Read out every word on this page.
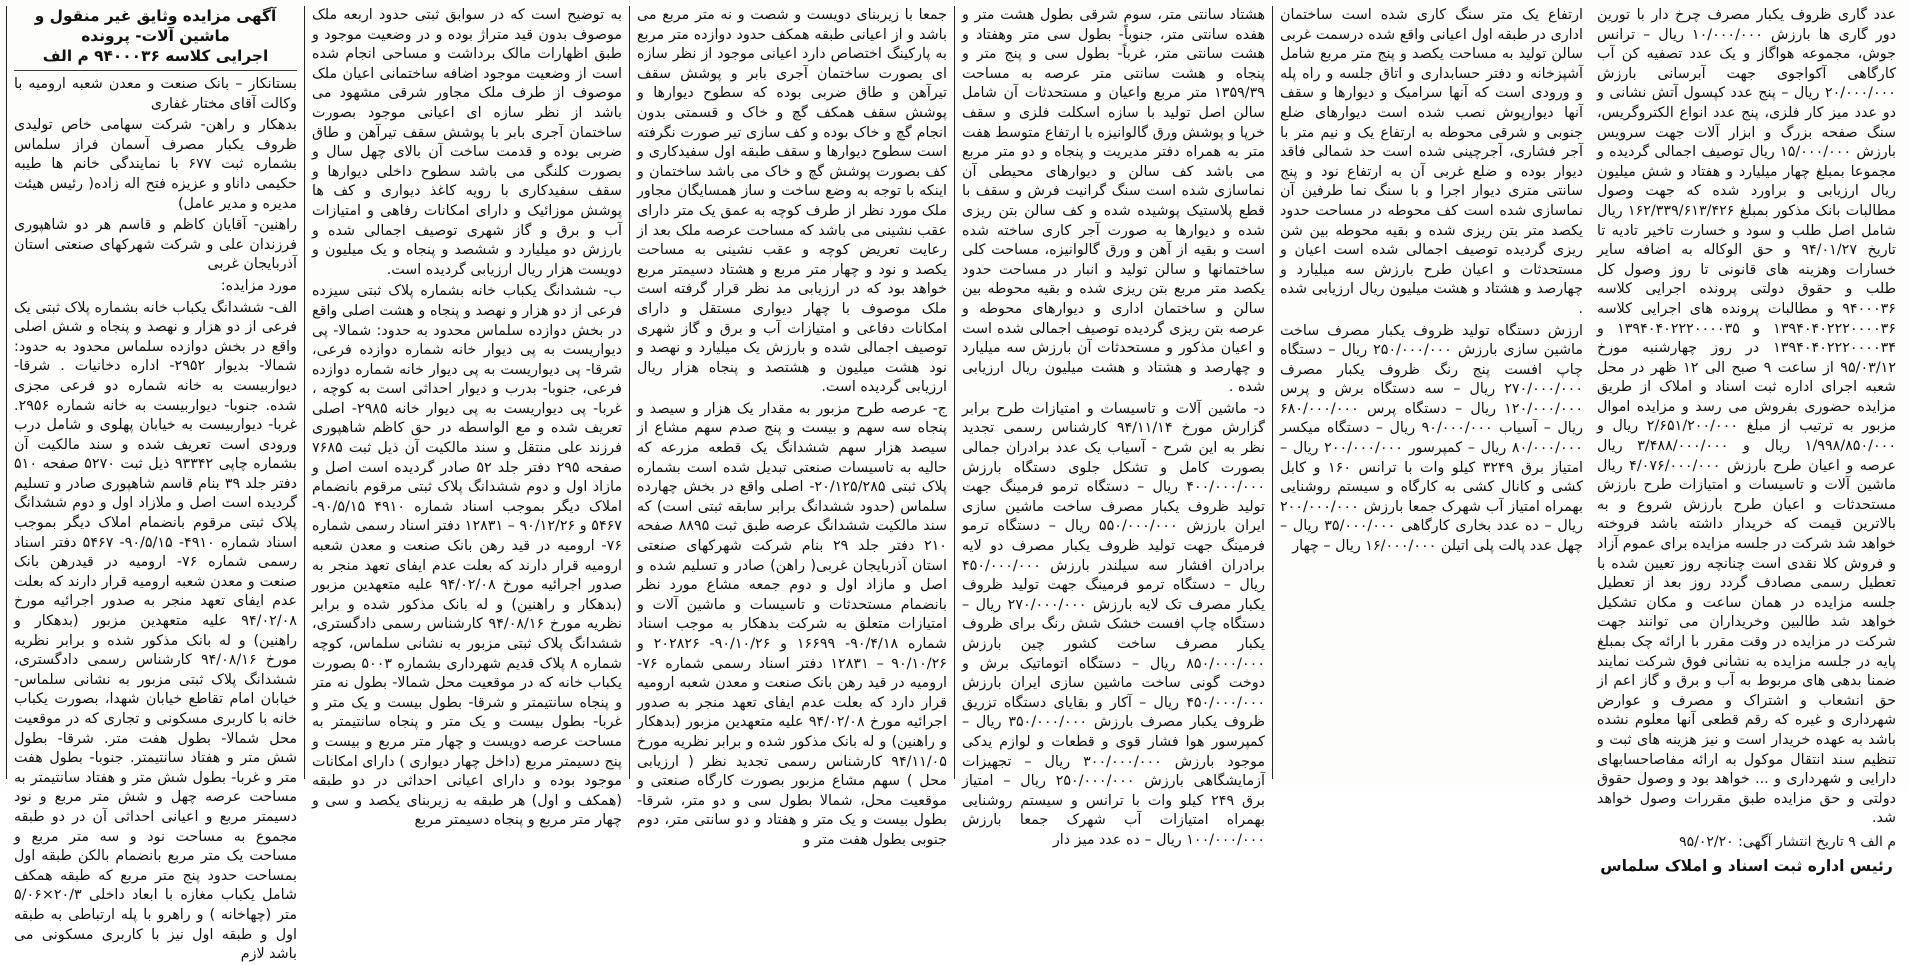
آگهی مزایده وثایق غیر منقول و ماشین آلات- پرونده
اجرایی کلاسه ۹۴۰۰۰۳۶ م الف

بستانکار – بانک صنعت و معدن شعبه ارومیه با وکالت آقای مختار غفاری

بدهکار و راهن- شرکت سهامی خاص تولیدی ظروف یکبار مصرف آسمان فراز سلماس بشماره ثبت ۶۷۷ با نمایندگی خانم ها طیبه حکیمی داناو و عزیزه فتح اله زاده( رئیس هیئت مدیره و مدیر عامل)

راهنین- آقایان کاظم و قاسم هر دو شاهپوری فرزندان علی و شرکت شهرکهای صنعتی استان آذربایجان غربی

مورد مزایده:

الف- ششدانگ یکباب خانه بشماره پلاک ثبتی یک فرعی از دو هزار و نهصد و پنجاه و شش اصلی واقع در بخش دوازده سلماس محدود به حدود: شمالا- بدیوار ۲۹۵۲- اداره دخانیات . شرقا- دیواربیست به خانه شماره دو فرعی مجزی شده. جنوبا- دیواربیست به خانه شماره ۲۹۵۶. غربا- دیواربیست به خیابان پهلوی و شامل درب ورودی است تعریف شده و سند مالکیت آن بشماره چاپی ۹۳۳۴۲ ذیل ثبت ۵۲۷۰ صفحه ۵۱۰ دفتر جلد ۳۹ بنام قاسم شاهپوری صادر و تسلیم گردیده است اصل و ملازاد اول و دوم ششدانگ پلاک ثبتی مرقوم بانضمام املاک دیگر بموجب اسناد شماره ۴۹۱۰- ۹۰/۵/۱۵- ۵۴۶۷ دفتر اسناد رسمی شماره ۷۶- ارومیه در قیدرهن بانک صنعت و معدن شعبه ارومیه قرار دارند که بعلت عدم ایفای تعهد منجر به صدور اجرائیه مورخ ۹۴/۰۲/۰۸ علیه متعهدین مزبور (بدهکار و راهنین) و له بانک مذکور شده و برابر نظریه مورخ ۹۴/۰۸/۱۶ کارشناس رسمی دادگستری، ششدانگ پلاک ثبتی مزبور به نشانی سلماس- خیابان امام تقاطع خیابان شهدا، بصورت یکباب خانه با کاربری مسکونی و تجاری که در موقعیت محل شمالا- بطول هفت متر. شرقا- بطول شش متر و هفتاد سانتیمتر. جنوبا- بطول هفت متر و غربا- بطول شش متر و هفتاد سانتیمتر به مساحت عرصه چهل و شش متر مربع و نود دسیمتر مربع و اعیانی احداثی آن در دو طبقه مجموع به مساحت نود و سه متر مربع و مساحت یک متر مربع بانضمام بالکن طبقه اول بمساحت حدود پنج متر مربع که طبقه همکف شامل یکباب مغازه با ابعاد داخلی ۲۰/۳×۵/۰۶ متر (چهاخانه ) و راهرو با پله ارتباطی به طبقه اول و طبقه اول نیز با کاربری مسکونی می باشد لازم

به توضیح است که در سوابق ثبتی حدود اربعه ملک موصوف بدون قید متراژ بوده و در وضعیت موجود و طبق اظهارات مالک برداشت و مساحی انجام شده است از وضعیت موجود اضافه ساختمانی اعیان ملک موصوف از طرف ملک مجاور شرقی مشهود می باشد از نظر سازه ای اعیانی موجود بصورت ساختمان آجری بابر با پوشش سقف تیرآهن و طاق ضربی بوده و قدمت ساخت آن بالای چهل سال و بصورت کلنگی می باشد سطوح داخلی دیوارها و سقف سفیدکاری با رویه کاغذ دیواری و کف ها پوشش موزائیک و دارای امکانات رفاهی و امتیازات آب و برق و گاز شهری توصیف اجمالی شده و بارزش دو میلیارد و ششصد و پنجاه و یک میلیون و دویست هزار ریال ارزیابی گردیده است.

ب- ششدانگ یکباب خانه بشماره پلاک ثبتی سیزده فرعی از دو هزار و نهصد و پنجاه و هشت اصلی واقع در بخش دوازده سلماس محدود به حدود: شمالا- پی دیواریست به پی دیوار خانه شماره دوازده فرعی، شرقا- پی دیواریست به پی دیوار خانه شماره دوازده فرعی، جنوبا- بدرب و دیوار احداثی است به کوچه ، غربا- پی دیواریست به پی دیوار خانه ۲۹۸۵- اصلی تعریف شده و مع الواسطه در حق کاظم شاهپوری فرزند علی منتقل و سند مالکیت آن ذیل ثبت ۷۶۸۵ صفحه ۲۹۵ دفتر جلد ۵۲ صادر گردیده است اصل و مازاد اول و دوم ششدانگ پلاک ثبتی مرقوم بانضمام املاک دیگر بموجب اسناد شماره ۴۹۱۰ ۹۰/۵/۱۵- ۵۴۶۷ و ۹۰/۱۲/۲۶ – ۱۲۸۳۱ دفتر اسناد رسمی شماره ۷۶- ارومیه در قید رهن بانک صنعت و معدن شعبه ارومیه قرار دارند که بعلت عدم ایفای تعهد منجر به صدور اجرائیه مورخ ۹۴/۰۲/۰۸ علیه متعهدین مزبور (بدهکار و راهنین) و له بانک مذکور شده و برابر نظریه مورخ ۹۴/۰۸/۱۶ کارشناس رسمی دادگستری، ششدانگ پلاک ثبتی مزبور به نشانی سلماس، کوچه شماره ۸ پلاک قدیم شهرداری بشماره ۵۰۰۳ بصورت یکباب خانه که در موقعیت محل شمالا- بطول نه متر و پنجاه سانتیمتر و شرقا- بطول بیست و یک متر و غربا- بطول بیست و یک متر و پنجاه سانتیمتر به مساحت عرصه دویست و چهار متر مربع و بیست و پنج دسیمتر مربع (داخل چهار دیواری ) دارای امکانات موجود بوده و دارای اعیانی احداثی در دو طبقه (همکف و اول) هر طبقه به زیربنای یکصد و سی و چهار متر مربع و پنجاه دسیمتر مربع

جمعا با زیربنای دویست و شصت و نه متر مربع می باشد و از اعیانی طبقه همکف حدود دوازده متر مربع به پارکینگ اختصاص دارد اعیانی موجود از نظر سازه ای بصورت ساختمان آجری بابر و پوشش سقف تیرآهن و طاق ضربی بوده که سطوح دیوارها و پوشش سقف همکف گچ و خاک و قسمتی بدون انجام گچ و خاک بوده و کف سازی تیر صورت نگرفته است سطوح دیوارها و سقف طبقه اول سفیدکاری و کف بصورت پوشش گچ و خاک می باشد ساختمان و اینکه با توجه به وضع ساخت و ساز همسایگان مجاور ملک مورد نظر از طرف کوچه به عمق یک متر دارای عقب نشینی می باشد که مساحت عرصه ملک بعد از رعایت تعریض کوچه و عقب نشینی به مساحت یکصد و نود و چهار متر مربع و هشتاد دسیمتر مربع خواهد بود که در ارزیابی مد نظر قرار گرفته است ملک موصوف با چهار دیواری مستقل و دارای امکانات دفاعی و امتیازات آب و برق و گاز شهری توصیف اجمالی شده و بارزش یک میلیارد و نهصد و نود هشت میلیون و هشتصد و پنجاه هزار ریال ارزیابی گردیده است.

ج- عرصه طرح مزبور به مقدار یک هزار و سیصد و پنجاه سه سهم و بیست و پنج صدم سهم مشاع از سیصد هزار سهم ششدانگ یک قطعه مزرعه که حالیه به تاسیسات صنعتی تبدیل شده است بشماره پلاک ثبتی ۲۰/۱۲۵/۲۸۵- اصلی واقع در بخش چهارده سلماس (حدود ششدانگ برابر سابقه ثبتی است) که سند مالکیت ششدانگ عرصه طبق ثبت ۸۸۹۵ صفحه ۲۱۰ دفتر جلد ۲۹ بنام شرکت شهرکهای صنعتی استان آذربایجان غربی( راهن) صادر و تسلیم شده و اصل و مازاد اول و دوم جمعه مشاع مورد نظر بانضمام مستحدثات و تاسیسات و ماشین آلات و امتیازات متعلق به شرکت بدهکار به موجب اسناد شماره ۹۰/۴/۱۸- ۱۶۶۹۹ و ۹۰/۱۰/۲۶- ۲۰۲۸۲۶ و ۹۰/۱۰/۲۶ – ۱۲۸۳۱ دفتر اسناد رسمی شماره ۷۶- ارومیه در قید رهن بانک صنعت و معدن شعبه ارومیه قرار دارد که بعلت عدم ایفای تعهد منجر به صدور اجرائیه مورخ ۹۴/۰۲/۰۸ علیه متعهدین مزبور (بدهکار و راهنین) و له بانک مذکور شده و برابر نظریه مورخ ۹۴/۱۱/۰۵ کارشناس رسمی تجدید نظر ( ارزیابی محل ) سهم مشاع مزبور بصورت کارگاه صنعتی و موقعیت محل، شمالا بطول سی و دو متر، شرقا- بطول بیست و یک متر و هفتاد و دو سانتی متر، دوم جنوبی بطول هفت متر و

هشتاد سانتی متر، سوم شرقی بطول هشت متر و هفده سانتی متر، جنوباً- بطول سی متر وهفتاد و هشت سانتی متر، غرباً- بطول سی و پنج متر و پنجاه و هشت سانتی متر عرصه به مساحت ۱۳۵۹/۳۹ متر مربع واعیان و مستحدثات آن شامل سالن اصل تولید با سازه اسکلت فلزی و سقف خرپا و پوشش ورق گالوانیزه با ارتفاع متوسط هفت متر به همراه دفتر مدیریت و پنجاه و دو متر مربع می باشد کف سالن و دیوارهای محیطی آن نماسازی شده است سنگ گرانیت فرش و سقف با قطع پلاستیک پوشیده شده و کف سالن بتن ریزی شده و دیوارها به صورت آجر کاری ساخته شده است و بقیه از آهن و ورق گالوانیزه، مساحت کلی ساختمانها و سالن تولید و انبار در مساحت حدود یکصد متر مربع بتن ریزی شده و بقیه محوطه بین سالن و ساختمان اداری و دیوارهای محوطه و عرصه بتن ریزی گردیده توصیف اجمالی شده است و اعیان مذکور و مستحدثات آن بارزش سه میلیارد و چهارصد و هشتاد و هشت میلیون ریال ارزیابی شده .

د- ماشین آلات و تاسیسات و امتیازات طرح برابر گزارش مورخ ۹۴/۱۱/۱۴ کارشناس رسمی تجدید نظر به این شرح - آسیاب یک عدد برادران جمالی بصورت کامل و تشکل جلوی دستگاه بارزش ۴۰۰/۰۰۰/۰۰۰ ریال – دستگاه ترمو فرمینگ جهت تولید ظروف یکبار مصرف ساخت ماشین سازی ایران بارزش ۵۵۰/۰۰۰/۰۰۰ ریال – دستگاه ترمو فرمینگ جهت تولید ظروف یکبار مصرف دو لایه برادران افشار سه سیلندر بارزش ۴۵۰/۰۰۰/۰۰۰ ریال – دستگاه ترمو فرمینگ جهت تولید ظروف یکبار مصرف تک لایه بارزش ۲۷۰/۰۰۰/۰۰۰ ریال – دستگاه چاپ افست خشک شش رنگ برای ظروف یکبار مصرف ساخت کشور چین بارزش ۸۵۰/۰۰۰/۰۰۰ ریال – دستگاه اتوماتیک برش و دوخت گونی ساخت ماشین سازی ایران بارزش ۴۵۰/۰۰۰/۰۰۰ ریال – آکار و بقایای دستگاه تزریق ظروف یکبار مصرف بارزش ۳۵۰/۰۰۰/۰۰۰ ریال – کمپرسور هوا فشار قوی و قطعات و لوازم یدکی موجود بارزش ۳۰۰/۰۰۰/۰۰۰ ریال – تجهیزات آزمایشگاهی بارزش ۲۵۰/۰۰۰/۰۰۰ ریال – امتیاز برق ۲۴۹ کیلو وات با ترانس و سیستم روشنایی بهمراه امتیازات آب شهرک جمعا بارزش ۱۰۰/۰۰۰/۰۰۰ ریال – ده عدد میز دار

ارتفاع یک متر سنگ کاری شده است ساختمان اداری در طبقه اول اعیانی واقع شده درسمت غربی سالن تولید به مساحت یکصد و پنج متر مربع شامل آشپزخانه و دفتر حسابداری و اتاق جلسه و راه پله و ورودی است که آنها سرامیک و دیوارها و سقف آنها دیوارپوش نصب شده است دیوارهای ضلع جنوبی و شرقی محوطه به ارتفاع یک و نیم متر با آجر فشاری، آجرچینی شده است حد شمالی فاقد دیوار بوده و ضلع غربی آن به ارتفاع نود و پنج سانتی متری دیوار اجرا و با سنگ نما طرفین آن نماسازی شده است کف محوطه در مساحت حدود یکصد متر بتن ریزی شده و بقیه محوطه بین شن ریزی گردیده توصیف اجمالی شده است اعیان و مستحدثات و اعیان طرح بارزش سه میلیارد و چهارصد و هشتاد و هشت میلیون ریال ارزیابی شده .

ارزش دستگاه تولید ظروف یکبار مصرف ساخت ماشین سازی بارزش ۲۵۰/۰۰۰/۰۰۰ ریال – دستگاه چاپ افست پنج رنگ ظروف یکبار مصرف ۲۷۰/۰۰۰/۰۰۰ ریال – سه دستگاه برش و پرس ۱۲۰/۰۰۰/۰۰۰ ریال – دستگاه پرس ۶۸۰/۰۰۰/۰۰۰ ریال – آسیاب ۹۰/۰۰۰/۰۰۰ ریال – دستگاه میکسر ۸۰/۰۰۰/۰۰۰ ریال – کمپرسور ۲۰۰/۰۰۰/۰۰۰ ریال – امتیاز برق ۳۲۴۹ کیلو وات با ترانس ۱۶۰ و کابل کشی و کانال کشی به کارگاه و سیستم روشنایی بهمراه امتیاز آب شهرک جمعا بارزش ۲۰۰/۰۰۰/۰۰۰ ریال – ده عدد بخاری کارگاهی ۳۵/۰۰۰/۰۰۰ ریال – چهل عدد پالت پلی اتیلن ۱۶/۰۰۰/۰۰۰ ریال – چهار

عدد گاری ظروف یکبار مصرف چرخ دار با تورین دور گاری ها بارزش ۱۰/۰۰۰/۰۰۰ ریال – ترانس جوش، مجموعه هواگاز و یک عدد تصفیه کن آب کارگاهی آکواجوی جهت آبرسانی بارزش ۲۰/۰۰۰/۰۰۰ ریال – پنج عدد کپسول آتش نشانی و دو عدد میز کار فلزی، پنج عدد انواع الکتروگریس، سنگ صفحه بزرگ و ابزار آلات جهت سرویس بارزش ۱۵/۰۰۰/۰۰۰ ریال توصیف اجمالی گردیده و مجموعا بمبلغ چهار میلیارد و هفتاد و شش میلیون ریال ارزیابی و براورد شده که جهت وصول مطالبات بانک مذکور بمبلغ ۱۶۲/۳۳۹/۶۱۳/۴۲۶ ریال شامل اصل طلب و سود و خسارت تاخیر تادیه تا تاریخ ۹۴/۰۱/۲۷ و حق الوکاله به اضافه سایر خسارات وهزینه های قانونی تا روز وصول کل طلب و حقوق دولتی پرونده اجرایی کلاسه ۹۴۰۰۰۳۶ و مطالبات پرونده های اجرایی کلاسه ۱۳۹۴۰۴۰۲۲۲۰۰۰۰۳۶ و ۱۳۹۴۰۴۰۲۲۲۰۰۰۰۳۵ و ۱۳۹۴۰۴۰۲۲۲۰۰۰۰۳۴ در روز چهارشنبه مورخ ۹۵/۰۳/۱۲ از ساعت ۹ صبح الی ۱۲ ظهر در محل شعبه اجرای اداره ثبت اسناد و املاک از طریق مزایده حضوری بفروش می رسد و مزایده اموال مزبور به ترتیب از مبلغ ۲/۶۵۱/۲۰۰/۰۰۰ ریال و ۱/۹۹۸/۸۵۰/۰۰۰ ریال و ۳/۴۸۸/۰۰۰/۰۰۰ ریال عرصه و اعیان طرح بارزش ۴/۰۷۶/۰۰۰/۰۰۰ ریال ماشین آلات و تاسیسات و امتیازات طرح بارزش مستحدثات و اعیان طرح بارزش شروع و به بالاترین قیمت که خریدار داشته باشد فروخته خواهد شد شرکت در جلسه مزایده برای عموم آزاد و فروش کلا نقدی است چنانچه روز تعیین شده با تعطیل رسمی مصادف گردد روز بعد از تعطیل جلسه مزایده در همان ساعت و مکان تشکیل خواهد شد طالبین وخریداران می توانند جهت شرکت در مزایده در وقت مقرر با ارائه چک بمبلغ پایه در جلسه مزایده به نشانی فوق شرکت نمایند ضمنا بدهی های مربوط به آب و برق و گاز اعم از حق انشعاب و اشتراک و مصرف و عوارض شهرداری و غیره که رقم قطعی آنها معلوم نشده باشد به عهده خریدار است و نیز هزینه های ثبت و تنظیم سند انتقال موکول به ارائه مفاصاحسابهای دارایی و شهرداری و ... خواهد بود و وصول حقوق دولتی و حق مزایده طبق مقررات وصول خواهد شد.

م الف ۹ تاریخ انتشار آگهی: ۹۵/۰۲/۲۰
رئیس اداره ثبت اسناد و املاک سلماس
